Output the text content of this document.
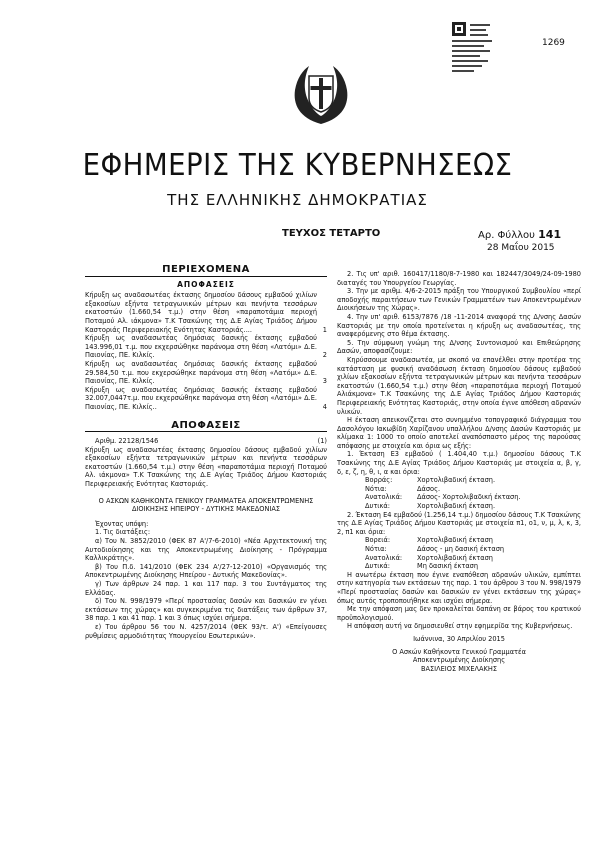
1269
ΕΦΗΜΕΡΙΣ ΤΗΣ ΚΥΒΕΡΝΗΣΕΩΣ
ΤΗΣ ΕΛΛΗΝΙΚΗΣ ΔΗΜΟΚΡΑΤΙΑΣ
ΤΕΥΧΟΣ ΤΕΤΑΡΤΟ	Αρ. Φύλλου 141
28 Μαΐου 2015
ΠΕΡΙΕΧΟΜΕΝΑ
ΑΠΟΦΑΣΕΙΣ
Κήρυξη ως αναδασωτέας έκτασης δημοσίου δάσους εμβαδού χιλίων εξακοσίων εξήντα τετραγωνικών μέτρων και πενήντα τεσσάρων εκατοστών (1.660,54 τ.μ.) στην θέση «παραποτάμια περιοχή Ποταμού Αλ. ιάκμονα» Τ.Κ Τσακώνης της Δ.Ε Αγίας Τριάδος Δήμου Καστοριάς Περιφερειακής Ενότητας Καστοριάς....	1
Κήρυξη ως αναδασωτέας δημόσιας δασικής έκτασης εμβαδού 143.996,01 τ.μ. που εκχερσώθηκε παράνομα στη θέση «Λατόμι» Δ.Ε. Παιονίας, ΠΕ. Κιλκίς.	2
Κήρυξη ως αναδασωτέας δημόσιας δασικής έκτασης εμβαδού 29.584,50 τ.μ. που εκχερσώθηκε παράνομα στη θέση «Λατόμι» Δ.Ε. Παιονίας, ΠΕ. Κιλκίς.	3
Κήρυξη ως αναδασωτέας δημόσιας δασικής έκτασης εμβαδού 32.007,0447τ.μ. που εκχερσώθηκε παράνομα στη θέση «Λατόμι» Δ.Ε. Παιονίας, ΠΕ. Κιλκίς..	4
ΑΠΟΦΑΣΕΙΣ
Αριθμ. 22128/1546	(1)

Κήρυξη ως αναδασωτέας έκτασης δημοσίου δάσους εμβαδού χιλίων εξακοσίων εξήντα τετραγωνικών μέτρων και πενήντα τεσσάρων εκατοστών (1.660,54 τ.μ.) στην θέση «παραποτάμια περιοχή Ποταμού Αλ. ιάκμονα» Τ.Κ Τσακώνης της Δ.Ε Αγίας Τριάδος Δήμου Καστοριάς Περιφερειακής Ενότητας Καστοριάς.

Ο ΑΣΚΩΝ ΚΑΘΗΚΟΝΤΑ ΓΕΝΙΚΟΥ ΓΡΑΜΜΑΤΕΑ ΑΠΟΚΕΝΤΡΩΜΕΝΗΣ ΔΙΟΙΚΗΣΗΣ ΗΠΕΙΡΟΥ - ΔΥΤΙΚΗΣ ΜΑΚΕΔΟΝΙΑΣ

Έχοντας υπόψη:

1. Τις διατάξεις:

α) Του Ν. 3852/2010 (ΦΕΚ 87 Α'/7-6-2010) «Νέα Αρχιτεκτονική της Αυτοδιοίκησης και της Αποκεντρωμένης Διοίκησης - Πρόγραμμα Καλλικράτης».

β) Του Π.δ. 141/2010 (ΦΕΚ 234 Α'/27-12-2010) «Οργανισμός της Αποκεντρωμένης Διοίκησης Ηπείρου - Δυτικής Μακεδονίας».

γ) Των άρθρων 24 παρ. 1 και 117 παρ. 3 του Συντάγματος της Ελλάδας.

δ) Του Ν. 998/1979 «Περί προστασίας δασών και δασικών εν γένει εκτάσεων της χώρας» και συγκεκριμένα τις διατάξεις των άρθρων 37, 38 παρ. 1 και 41 παρ. 1 και 3 όπως ισχύει σήμερα.

ε) Του άρθρου 56 του Ν. 4257/2014 (ΦΕΚ 93/τ. Α') «Επείγουσες ρυθμίσεις αρμοδιότητας Υπουργείου Εσωτερικών».

2. Τις υπ' αριθ. 160417/1180/8-7-1980 και 182447/3049/24-09-1980 διαταγές του Υπουργείου Γεωργίας.

3. Την με αριθμ. 4/6-2-2015 πράξη του Υπουργικού Συμβουλίου «περί αποδοχής παραιτήσεων των Γενικών Γραμματέων των Αποκεντρωμένων Διοικήσεων της Χώρας».

4. Την υπ' αριθ. 6153/7876 /18 -11-2014 αναφορά της Δ/νσης Δασών Καστοριάς με την οποία προτείνεται η κήρυξη ως αναδασωτέας, της αναφερόμενης στο θέμα έκτασης.

5. Την σύμφωνη γνώμη της Δ/νσης Συντονισμού και Επιθεώρησης Δασών, αποφασίζουμε:

Κηρύσσουμε αναδασωτέα, με σκοπό να επανέλθει στην προτέρα της κατάσταση με φυσική αναδάσωση έκταση δημοσίου δάσους εμβαδού χιλίων εξακοσίων εξήντα τετραγωνικών μέτρων και πενήντα τεσσάρων εκατοστών (1.660,54 τ.μ.) στην θέση «παραποτάμια περιοχή Ποταμού Αλιάκμονα» Τ.Κ Τσακώνης της Δ.Ε Αγίας Τριάδος Δήμου Καστοριάς Περιφερειακής Ενότητας Καστοριάς, στην οποία έγινε απόθεση αδρανών υλικών.

Η έκταση απεικονίζεται στο συνημμένο τοπογραφικό διάγραμμα του Δασολόγου Ιακωβίδη Χαρίζανου υπαλλήλου Δ/νσης Δασών Καστοριάς με κλίμακα 1: 1000 το οποίο αποτελεί αναπόσπαστο μέρος της παρούσας απόφασης με στοιχεία και όρια ως εξής:

1. Έκταση Ε3 εμβαδού ( 1.404,40 τ.μ.) δημοσίου δάσους Τ.Κ Τσακώνης της Δ.Ε Αγίας Τριάδος Δήμου Καστοριάς με στοιχεία α, β, γ, δ, ε, ζ, η, θ, ι, α και όρια:

Βορράς:	Χορτολιβαδική έκταση.
Νότια:	Δάσος.
Ανατολικά:	Δάσος- Χορτολιβαδική έκταση.
Δυτικά:	Χορτολιβαδική έκταση.

2. Έκταση Ε4 εμβαδού (1.256,14 τ.μ.) δημοσίου δάσους Τ.Κ Τσακώνης της Δ.Ε Αγίας Τριάδος Δήμου Καστοριάς με στοιχεία π1, ο1, ν, μ, λ, κ, 3, 2, π1 και όρια:

Βορειά:	Χορτολιβαδική έκταση
Νότια:	Δάσος - μη δασική έκταση
Ανατολικά:	Χορτολιβαδική έκταση
Δυτικά:	Μη δασική έκταση

Η ανωτέρω έκταση που έγινε εναπόθεση αδρανών υλικών, εμπίπτει στην κατηγορία των εκτάσεων της παρ. 1 του άρθρου 3 του Ν. 998/1979 «Περί προστασίας δασών και δασικών εν γένει εκτάσεων της χώρας» όπως αυτός τροποποιήθηκε και ισχύει σήμερα.

Με την απόφαση μας δεν προκαλείται δαπάνη σε βάρος του κρατικού προϋπολογισμού.

Η απόφαση αυτή να δημοσιευθεί στην εφημερίδα της Κυβερνήσεως.

Ιωάννινα, 30 Απριλίου 2015

Ο Ασκών Καθήκοντα Γενικού Γραμματέα

Αποκεντρωμένης Διοίκησης

ΒΑΣΙΛΕΙΟΣ ΜΙΧΕΛΑΚΗΣ
